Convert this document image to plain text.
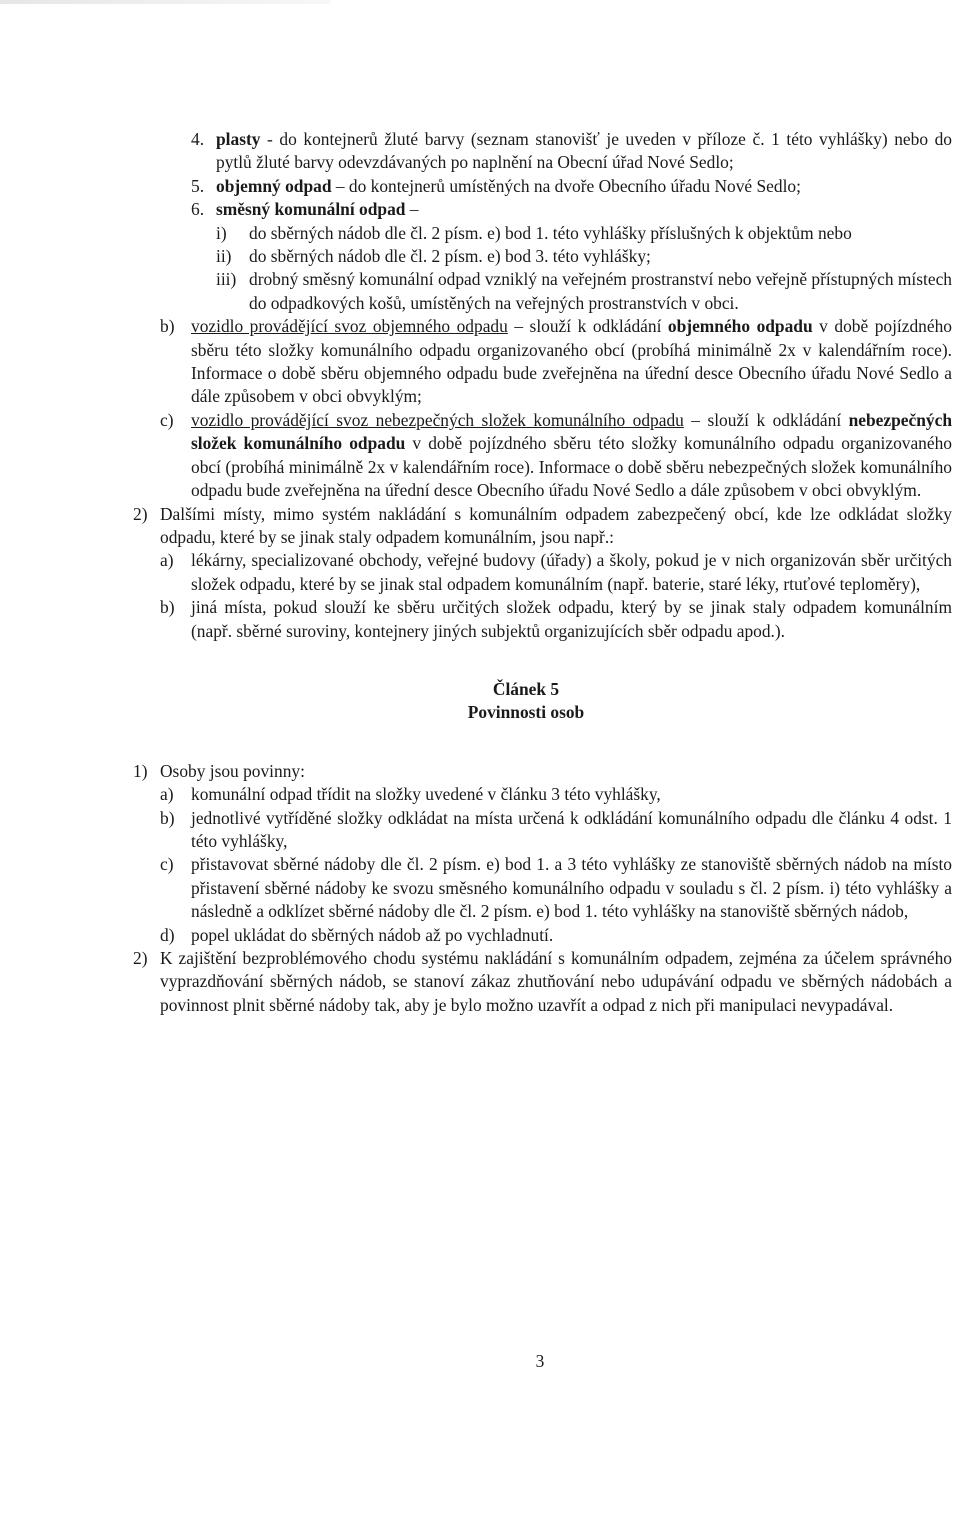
4. plasty - do kontejnerů žluté barvy (seznam stanovišť je uveden v příloze č. 1 této vyhlášky) nebo do pytlů žluté barvy odevzdávaných po naplnění na Obecní úřad Nové Sedlo;
5. objemný odpad – do kontejnerů umístěných na dvoře Obecního úřadu Nové Sedlo;
6. směsný komunální odpad –
i)	do sběrných nádob dle čl. 2 písm. e) bod 1. této vyhlášky příslušných k objektům nebo
ii)	do sběrných nádob dle čl. 2 písm. e) bod 3. této vyhlášky;
iii) drobný směsný komunální odpad vzniklý na veřejném prostranství nebo veřejně přístupných místech do odpadkových košů, umístěných na veřejných prostranstvích v obci.
b) vozidlo provádějící svoz objemného odpadu – slouží k odkládání objemného odpadu v době pojízdného sběru této složky komunálního odpadu organizovaného obcí (probíhá minimálně 2x v kalendářním roce). Informace o době sběru objemného odpadu bude zveřejněna na úřední desce Obecního úřadu Nové Sedlo a dále způsobem v obci obvyklým;
c)	vozidlo provádějící svoz nebezpečných složek komunálního odpadu – slouží k odkládání nebezpečných složek komunálního odpadu v době pojízdného sběru této složky komunálního odpadu organizovaného obcí (probíhá minimálně 2x v kalendářním roce). Informace o době sběru nebezpečných složek komunálního odpadu bude zveřejněna na úřední desce Obecního úřadu Nové Sedlo a dále způsobem v obci obvyklým.
2) Dalšími místy, mimo systém nakládání s komunálním odpadem zabezpečený obcí, kde lze odkládat složky odpadu, které by se jinak staly odpadem komunálním, jsou např.:
a)	lékárny, specializované obchody, veřejné budovy (úřady) a školy, pokud je v nich organizován sběr určitých složek odpadu, které by se jinak stal odpadem komunálním (např. baterie, staré léky, rtuťové teploměry),
b) jiná místa, pokud slouží ke sběru určitých složek odpadu, který by se jinak staly odpadem komunálním (např. sběrné suroviny, kontejnery jiných subjektů organizujících sběr odpadu apod.).
Článek 5
Povinnosti osob
1) Osoby jsou povinny:
a)	komunální odpad třídit na složky uvedené v článku 3 této vyhlášky,
b) jednotlivé vytříděné složky odkládat na místa určená k odkládání komunálního odpadu dle článku 4 odst. 1 této vyhlášky,
c)	přistavovat sběrné nádoby dle čl. 2 písm. e) bod 1. a 3 této vyhlášky ze stanoviště sběrných nádob na místo přistavení sběrné nádoby ke svozu směsného komunálního odpadu v souladu s čl. 2 písm. i) této vyhlášky a následně a odklízet sběrné nádoby dle čl. 2 písm. e) bod 1. této vyhlášky na stanoviště sběrných nádob,
d) popel ukládat do sběrných nádob až po vychladnutí.
2) K zajištění bezproblémového chodu systému nakládání s komunálním odpadem, zejména za účelem správného vyprazdňování sběrných nádob, se stanoví zákaz zhutňování nebo udupávání odpadu ve sběrných nádobách a povinnost plnit sběrné nádoby tak, aby je bylo možno uzavřít a odpad z nich při manipulaci nevypadával.
3
